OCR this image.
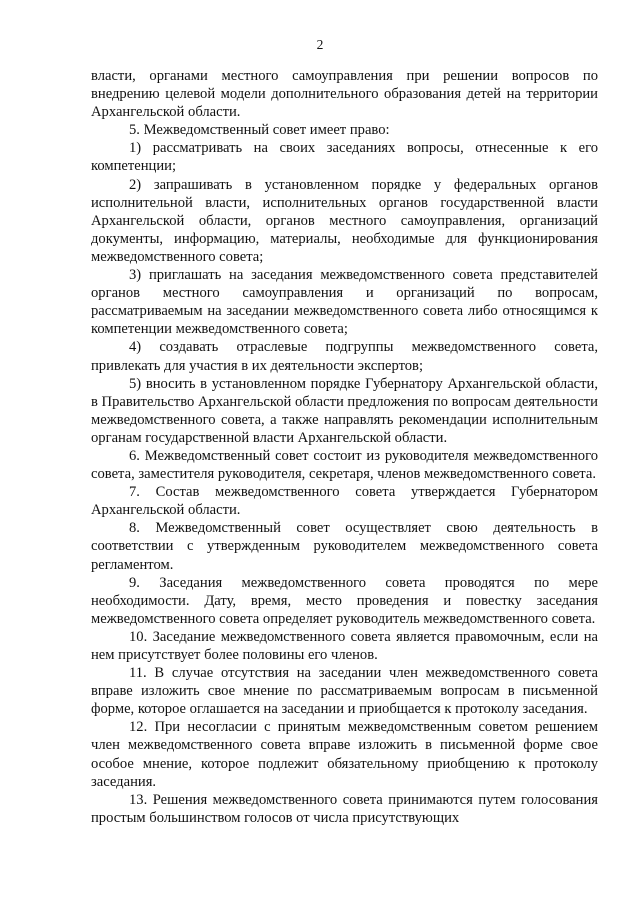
2

власти, органами местного самоуправления при решении вопросов по внедрению целевой модели дополнительного образования детей на территории Архангельской области.

5. Межведомственный совет имеет право:

1) рассматривать на своих заседаниях вопросы, отнесенные к его компетенции;

2) запрашивать в установленном порядке у федеральных органов исполнительной власти, исполнительных органов государственной власти Архангельской области, органов местного самоуправления, организаций документы, информацию, материалы, необходимые для функционирования межведомственного совета;

3) приглашать на заседания межведомственного совета представителей органов местного самоуправления и организаций по вопросам, рассматриваемым на заседании межведомственного совета либо относящимся к компетенции межведомственного совета;

4) создавать отраслевые подгруппы межведомственного совета, привлекать для участия в их деятельности экспертов;

5) вносить в установленном порядке Губернатору Архангельской области, в Правительство Архангельской области предложения по вопросам деятельности межведомственного совета, а также направлять рекомендации исполнительным органам государственной власти Архангельской области.

6. Межведомственный совет состоит из руководителя межведомственного совета, заместителя руководителя, секретаря, членов межведомственного совета.

7. Состав межведомственного совета утверждается Губернатором Архангельской области.

8. Межведомственный совет осуществляет свою деятельность в соответствии с утвержденным руководителем межведомственного совета регламентом.

9. Заседания межведомственного совета проводятся по мере необходимости. Дату, время, место проведения и повестку заседания межведомственного совета определяет руководитель межведомственного совета.

10. Заседание межведомственного совета является правомочным, если на нем присутствует более половины его членов.

11. В случае отсутствия на заседании член межведомственного совета вправе изложить свое мнение по рассматриваемым вопросам в письменной форме, которое оглашается на заседании и приобщается к протоколу заседания.

12. При несогласии с принятым межведомственным советом решением член межведомственного совета вправе изложить в письменной форме свое особое мнение, которое подлежит обязательному приобщению к протоколу заседания.

13. Решения межведомственного совета принимаются путем голосования простым большинством голосов от числа присутствующих
